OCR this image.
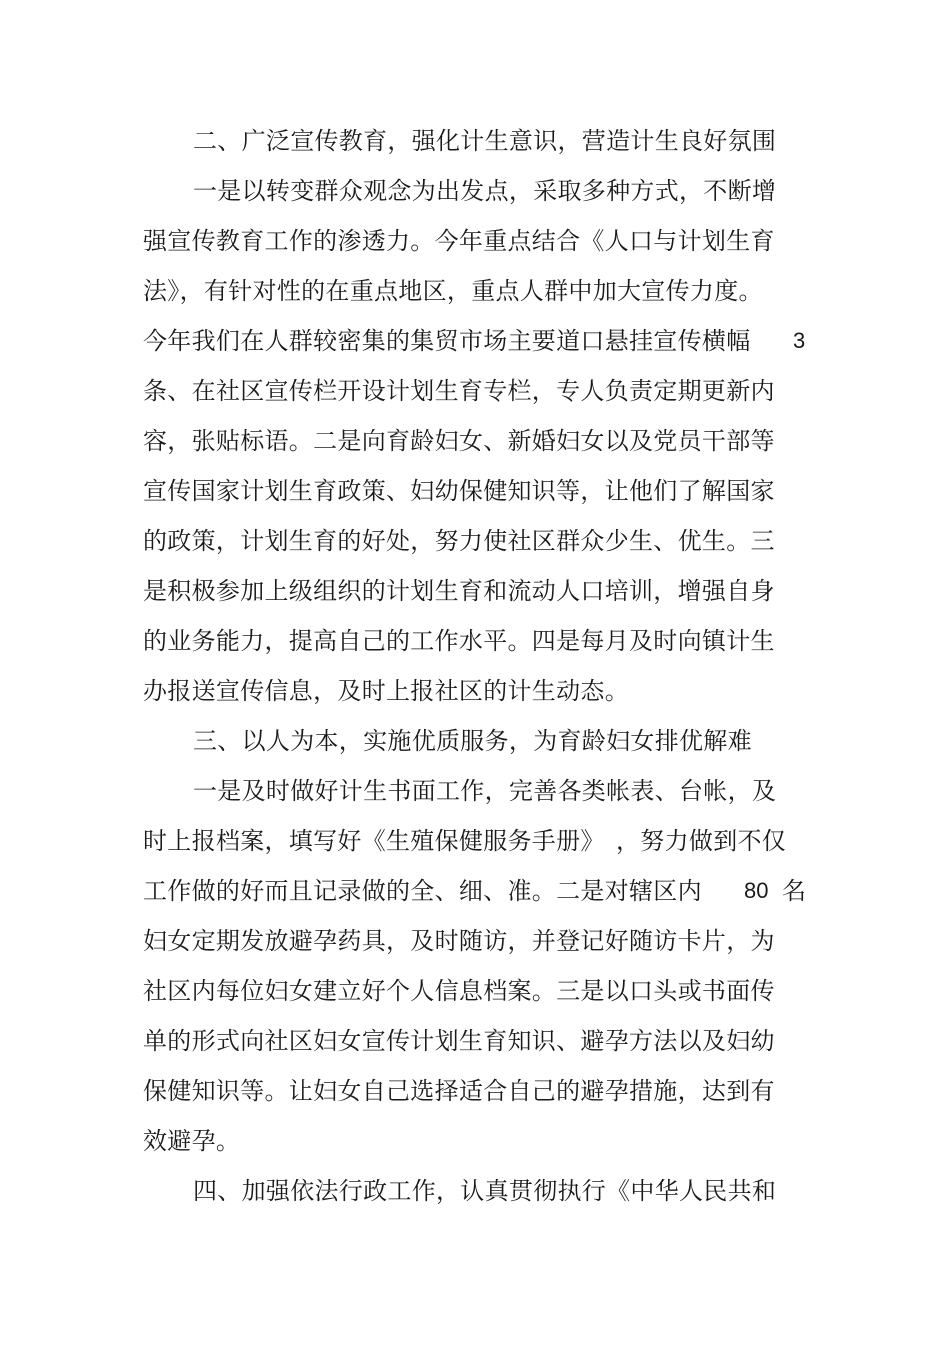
二、广泛宣传教育，强化计生意识，营造计生良好氛围
一是以转变群众观念为出发点，采取多种方式，不断增
强宣传教育工作的渗透力。今年重点结合《人口与计划生育
法》，有针对性的在重点地区，重点人群中加大宣传力度。
今年我们在人群较密集的集贸市场主要道口悬挂宣传横幅 3
条、在社区宣传栏开设计划生育专栏，专人负责定期更新内
容，张贴标语。二是向育龄妇女、新婚妇女以及党员干部等
宣传国家计划生育政策、妇幼保健知识等，让他们了解国家
的政策，计划生育的好处，努力使社区群众少生、优生。三
是积极参加上级组织的计划生育和流动人口培训，增强自身
的业务能力，提高自己的工作水平。四是每月及时向镇计生
办报送宣传信息，及时上报社区的计生动态。
三、以人为本，实施优质服务，为育龄妇女排优解难
一是及时做好计生书面工作，完善各类帐表、台帐，及
时上报档案，填写好《生殖保健服务手册》 ，努力做到不仅
工作做的好而且记录做的全、细、准。二是对辖区内 80 名
妇女定期发放避孕药具，及时随访，并登记好随访卡片，为
社区内每位妇女建立好个人信息档案。三是以口头或书面传
单的形式向社区妇女宣传计划生育知识、避孕方法以及妇幼
保健知识等。让妇女自己选择适合自己的避孕措施，达到有
效避孕。
四、加强依法行政工作，认真贯彻执行《中华人民共和
